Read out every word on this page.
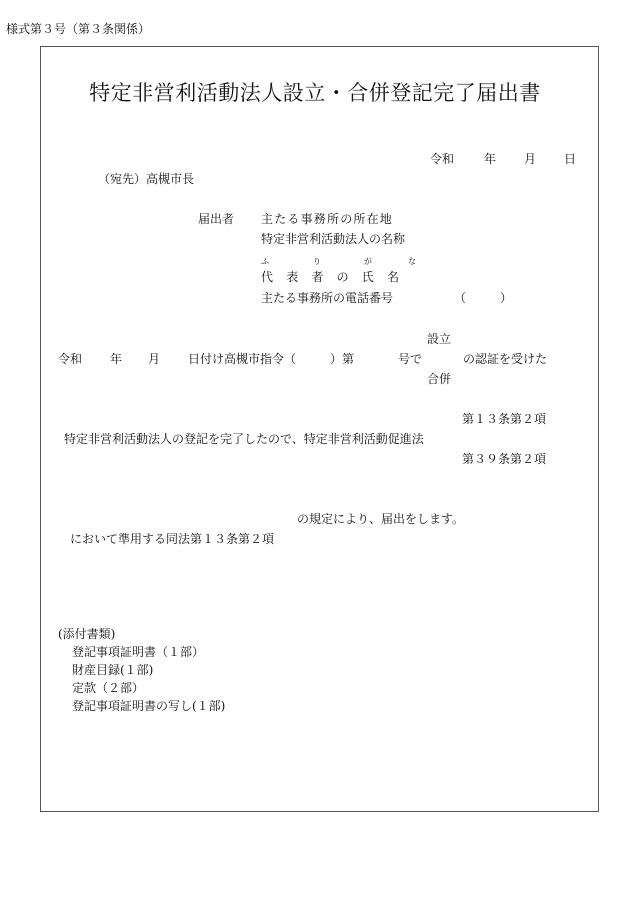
様式第３号（第３条関係）
特定非営利活動法人設立・合併登記完了届出書
令和 年 月 日
（宛先）高槻市長
届出者 主たる事務所の所在地
特定非営利活動法人の名称
ふ	り	が	な
代　表　者　の　氏　名
主たる事務所の電話番号	（	）
設立
令和 年 月 日付け高槻市指令（	）第	号で	の認証を受けた
合併
第１３条第２項
特定非営利活動法人の登記を完了したので、特定非営利活動促進法
第３９条第２項
の規定により、届出をします。
において準用する同法第１３条第２項
(添付書類)
登記事項証明書（１部）
財産目録(１部)
定款（２部）
登記事項証明書の写し(１部)
